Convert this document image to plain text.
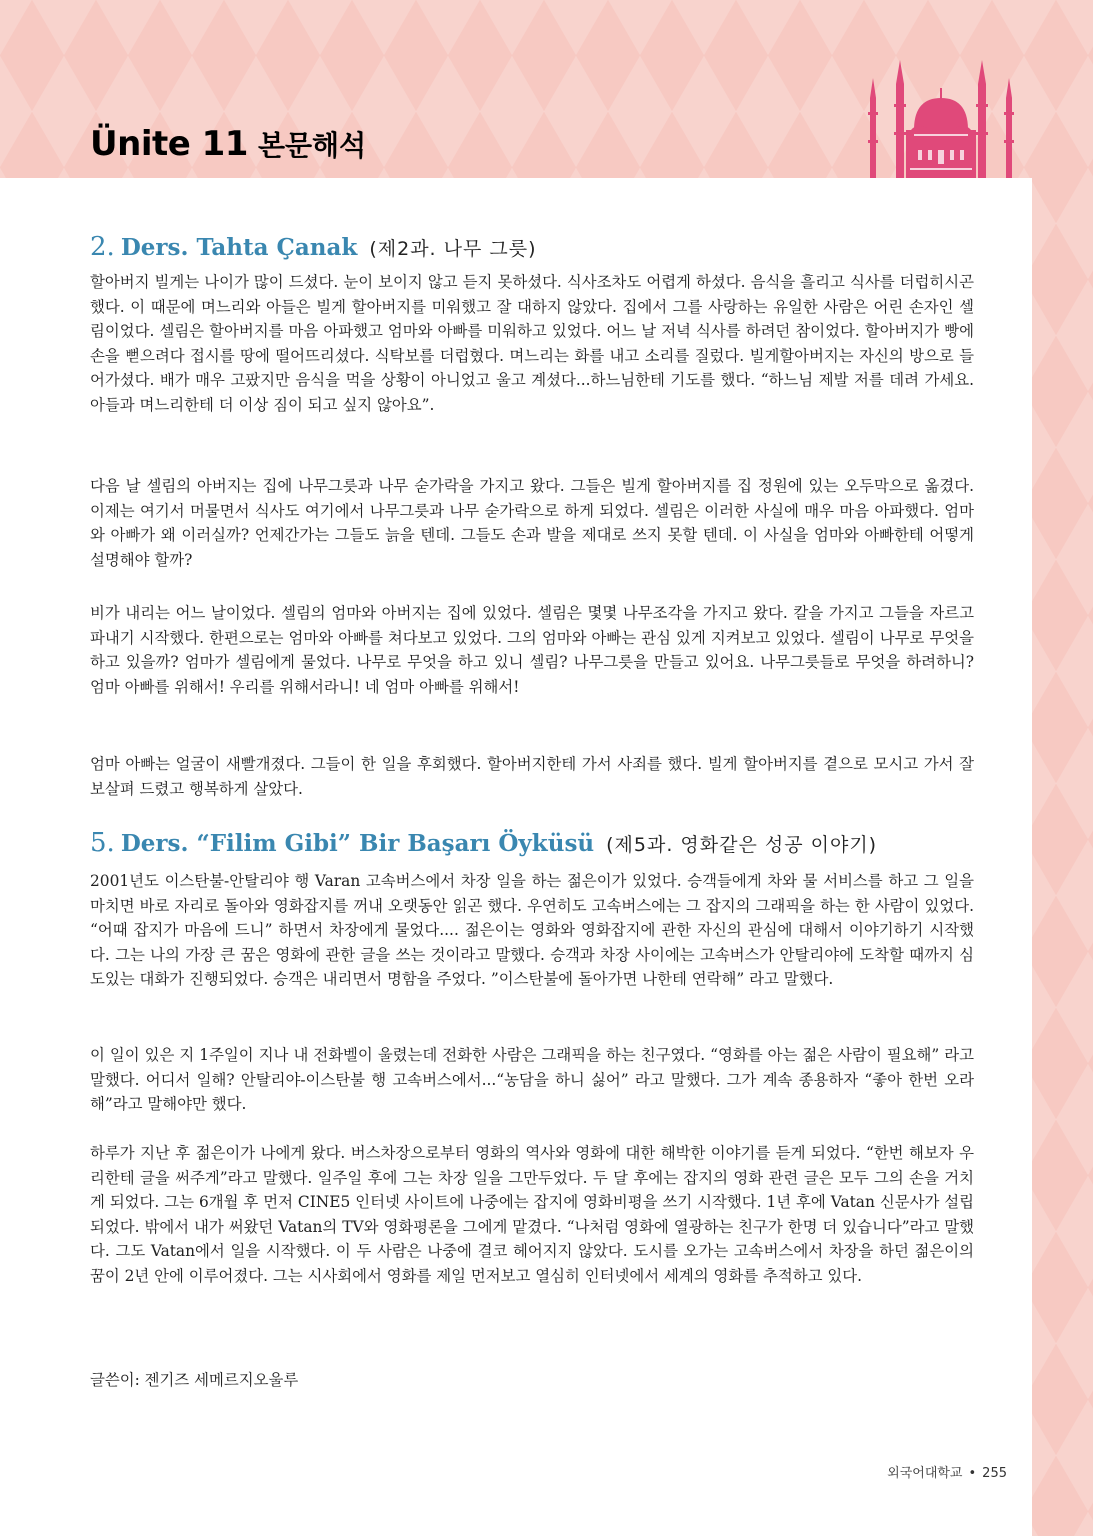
Ünite 11 본문해석
2. Ders. Tahta Çanak (제2과. 나무 그릇)

할아버지 빌게는 나이가 많이 드셨다. 눈이 보이지 않고 듣지 못하셨다. 식사조차도 어렵게 하셨다. 음식을 흘리고 식사를 더럽히시곤 했다. 이 때문에 며느리와 아들은 빌게 할아버지를 미워했고 잘 대하지 않았다. 집에서 그를 사랑하는 유일한 사람은 어린 손자인 셀림이었다. 셀림은 할아버지를 마음 아파했고 엄마와 아빠를 미워하고 있었다. 어느 날 저녁 식사를 하려던 참이었다. 할아버지가 빵에 손을 뻗으려다 접시를 땅에 떨어뜨리셨다. 식탁보를 더럽혔다. 며느리는 화를 내고 소리를 질렀다. 빌게할아버지는 자신의 방으로 들어가셨다. 배가 매우 고팠지만 음식을 먹을 상황이 아니었고 울고 계셨다...하느님한테 기도를 했다. “하느님 제발 저를 데려 가세요. 아들과 며느리한테 더 이상 짐이 되고 싶지 않아요”.

다음 날 셀림의 아버지는 집에 나무그릇과 나무 숟가락을 가지고 왔다. 그들은 빌게 할아버지를 집 정원에 있는 오두막으로 옮겼다. 이제는 여기서 머물면서 식사도 여기에서 나무그릇과 나무 숟가락으로 하게 되었다. 셀림은 이러한 사실에 매우 마음 아파했다. 엄마와 아빠가 왜 이러실까? 언제간가는 그들도 늙을 텐데. 그들도 손과 발을 제대로 쓰지 못할 텐데. 이 사실을 엄마와 아빠한테 어떻게 설명해야 할까?

비가 내리는 어느 날이었다. 셀림의 엄마와 아버지는 집에 있었다. 셀림은 몇몇 나무조각을 가지고 왔다. 칼을 가지고 그들을 자르고 파내기 시작했다. 한편으로는 엄마와 아빠를 쳐다보고 있었다. 그의 엄마와 아빠는 관심 있게 지켜보고 있었다. 셀림이 나무로 무엇을 하고 있을까? 엄마가 셀림에게 물었다. 나무로 무엇을 하고 있니 셀림? 나무그릇을 만들고 있어요. 나무그릇들로 무엇을 하려하니? 엄마 아빠를 위해서! 우리를 위해서라니! 네 엄마 아빠를 위해서!

엄마 아빠는 얼굴이 새빨개졌다. 그들이 한 일을 후회했다. 할아버지한테 가서 사죄를 했다. 빌게 할아버지를 곁으로 모시고 가서 잘 보살펴 드렸고 행복하게 살았다.

5. Ders. “Filim Gibi” Bir Başarı Öyküsü (제5과. 영화같은 성공 이야기)

2001년도 이스탄불-안탈리야 행 Varan 고속버스에서 차장 일을 하는 젊은이가 있었다. 승객들에게 차와 물 서비스를 하고 그 일을 마치면 바로 자리로 돌아와 영화잡지를 꺼내 오랫동안 읽곤 했다. 우연히도 고속버스에는 그 잡지의 그래픽을 하는 한 사람이 있었다. “어때 잡지가 마음에 드니” 하면서 차장에게 물었다.... 젊은이는 영화와 영화잡지에 관한 자신의 관심에 대해서 이야기하기 시작했다. 그는 나의 가장 큰 꿈은 영화에 관한 글을 쓰는 것이라고 말했다. 승객과 차장 사이에는 고속버스가 안탈리야에 도착할 때까지 심도있는 대화가 진행되었다. 승객은 내리면서 명함을 주었다. ”이스탄불에 돌아가면 나한테 연락해” 라고 말했다.

이 일이 있은 지 1주일이 지나 내 전화벨이 울렸는데 전화한 사람은 그래픽을 하는 친구였다. “영화를 아는 젊은 사람이 필요해” 라고 말했다. 어디서 일해? 안탈리야-이스탄불 행 고속버스에서...“농담을 하니 싫어” 라고 말했다. 그가 계속 종용하자 “좋아 한번 오라 해”라고 말해야만 했다.

하루가 지난 후 젊은이가 나에게 왔다. 버스차장으로부터 영화의 역사와 영화에 대한 해박한 이야기를 듣게 되었다. “한번 해보자 우리한테 글을 써주게”라고 말했다. 일주일 후에 그는 차장 일을 그만두었다. 두 달 후에는 잡지의 영화 관련 글은 모두 그의 손을 거치게 되었다. 그는 6개월 후 먼저 CINE5 인터넷 사이트에 나중에는 잡지에 영화비평을 쓰기 시작했다. 1년 후에 Vatan 신문사가 설립되었다. 밖에서 내가 써왔던 Vatan의 TV와 영화평론을 그에게 맡겼다. “나처럼 영화에 열광하는 친구가 한명 더 있습니다”라고 말했다. 그도 Vatan에서 일을 시작했다. 이 두 사람은 나중에 결코 헤어지지 않았다. 도시를 오가는 고속버스에서 차장을 하던 젊은이의 꿈이 2년 안에 이루어졌다. 그는 시사회에서 영화를 제일 먼저보고 열심히 인터넷에서 세계의 영화를 추적하고 있다.

글쓴이: 젠기즈 세메르지오울루

외국어대학교 • 255
